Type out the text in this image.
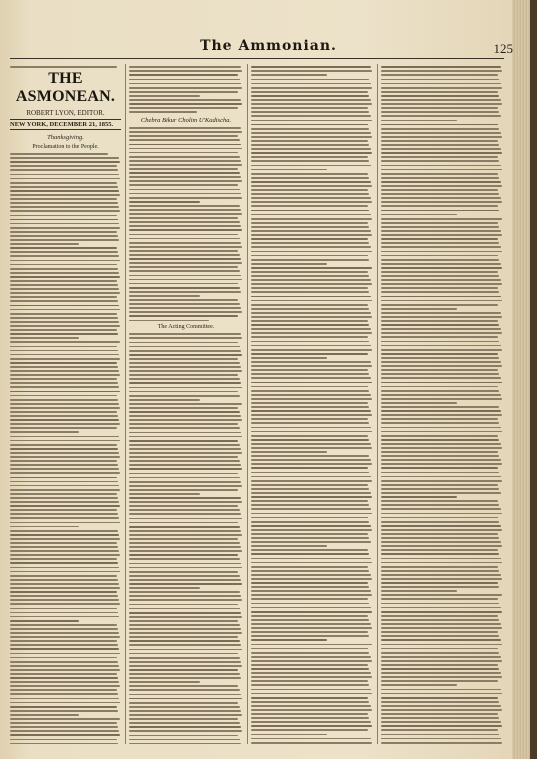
The Ammonian.	125
THE ASMONEAN.
ROBERT LYON, EDITOR.
NEW YORK, DECEMBER 21, 1855.
Thanksgiving.
Proclamation to the People.
Chebra Bikur Cholim U'Kadischa.
The Acting Committee.
